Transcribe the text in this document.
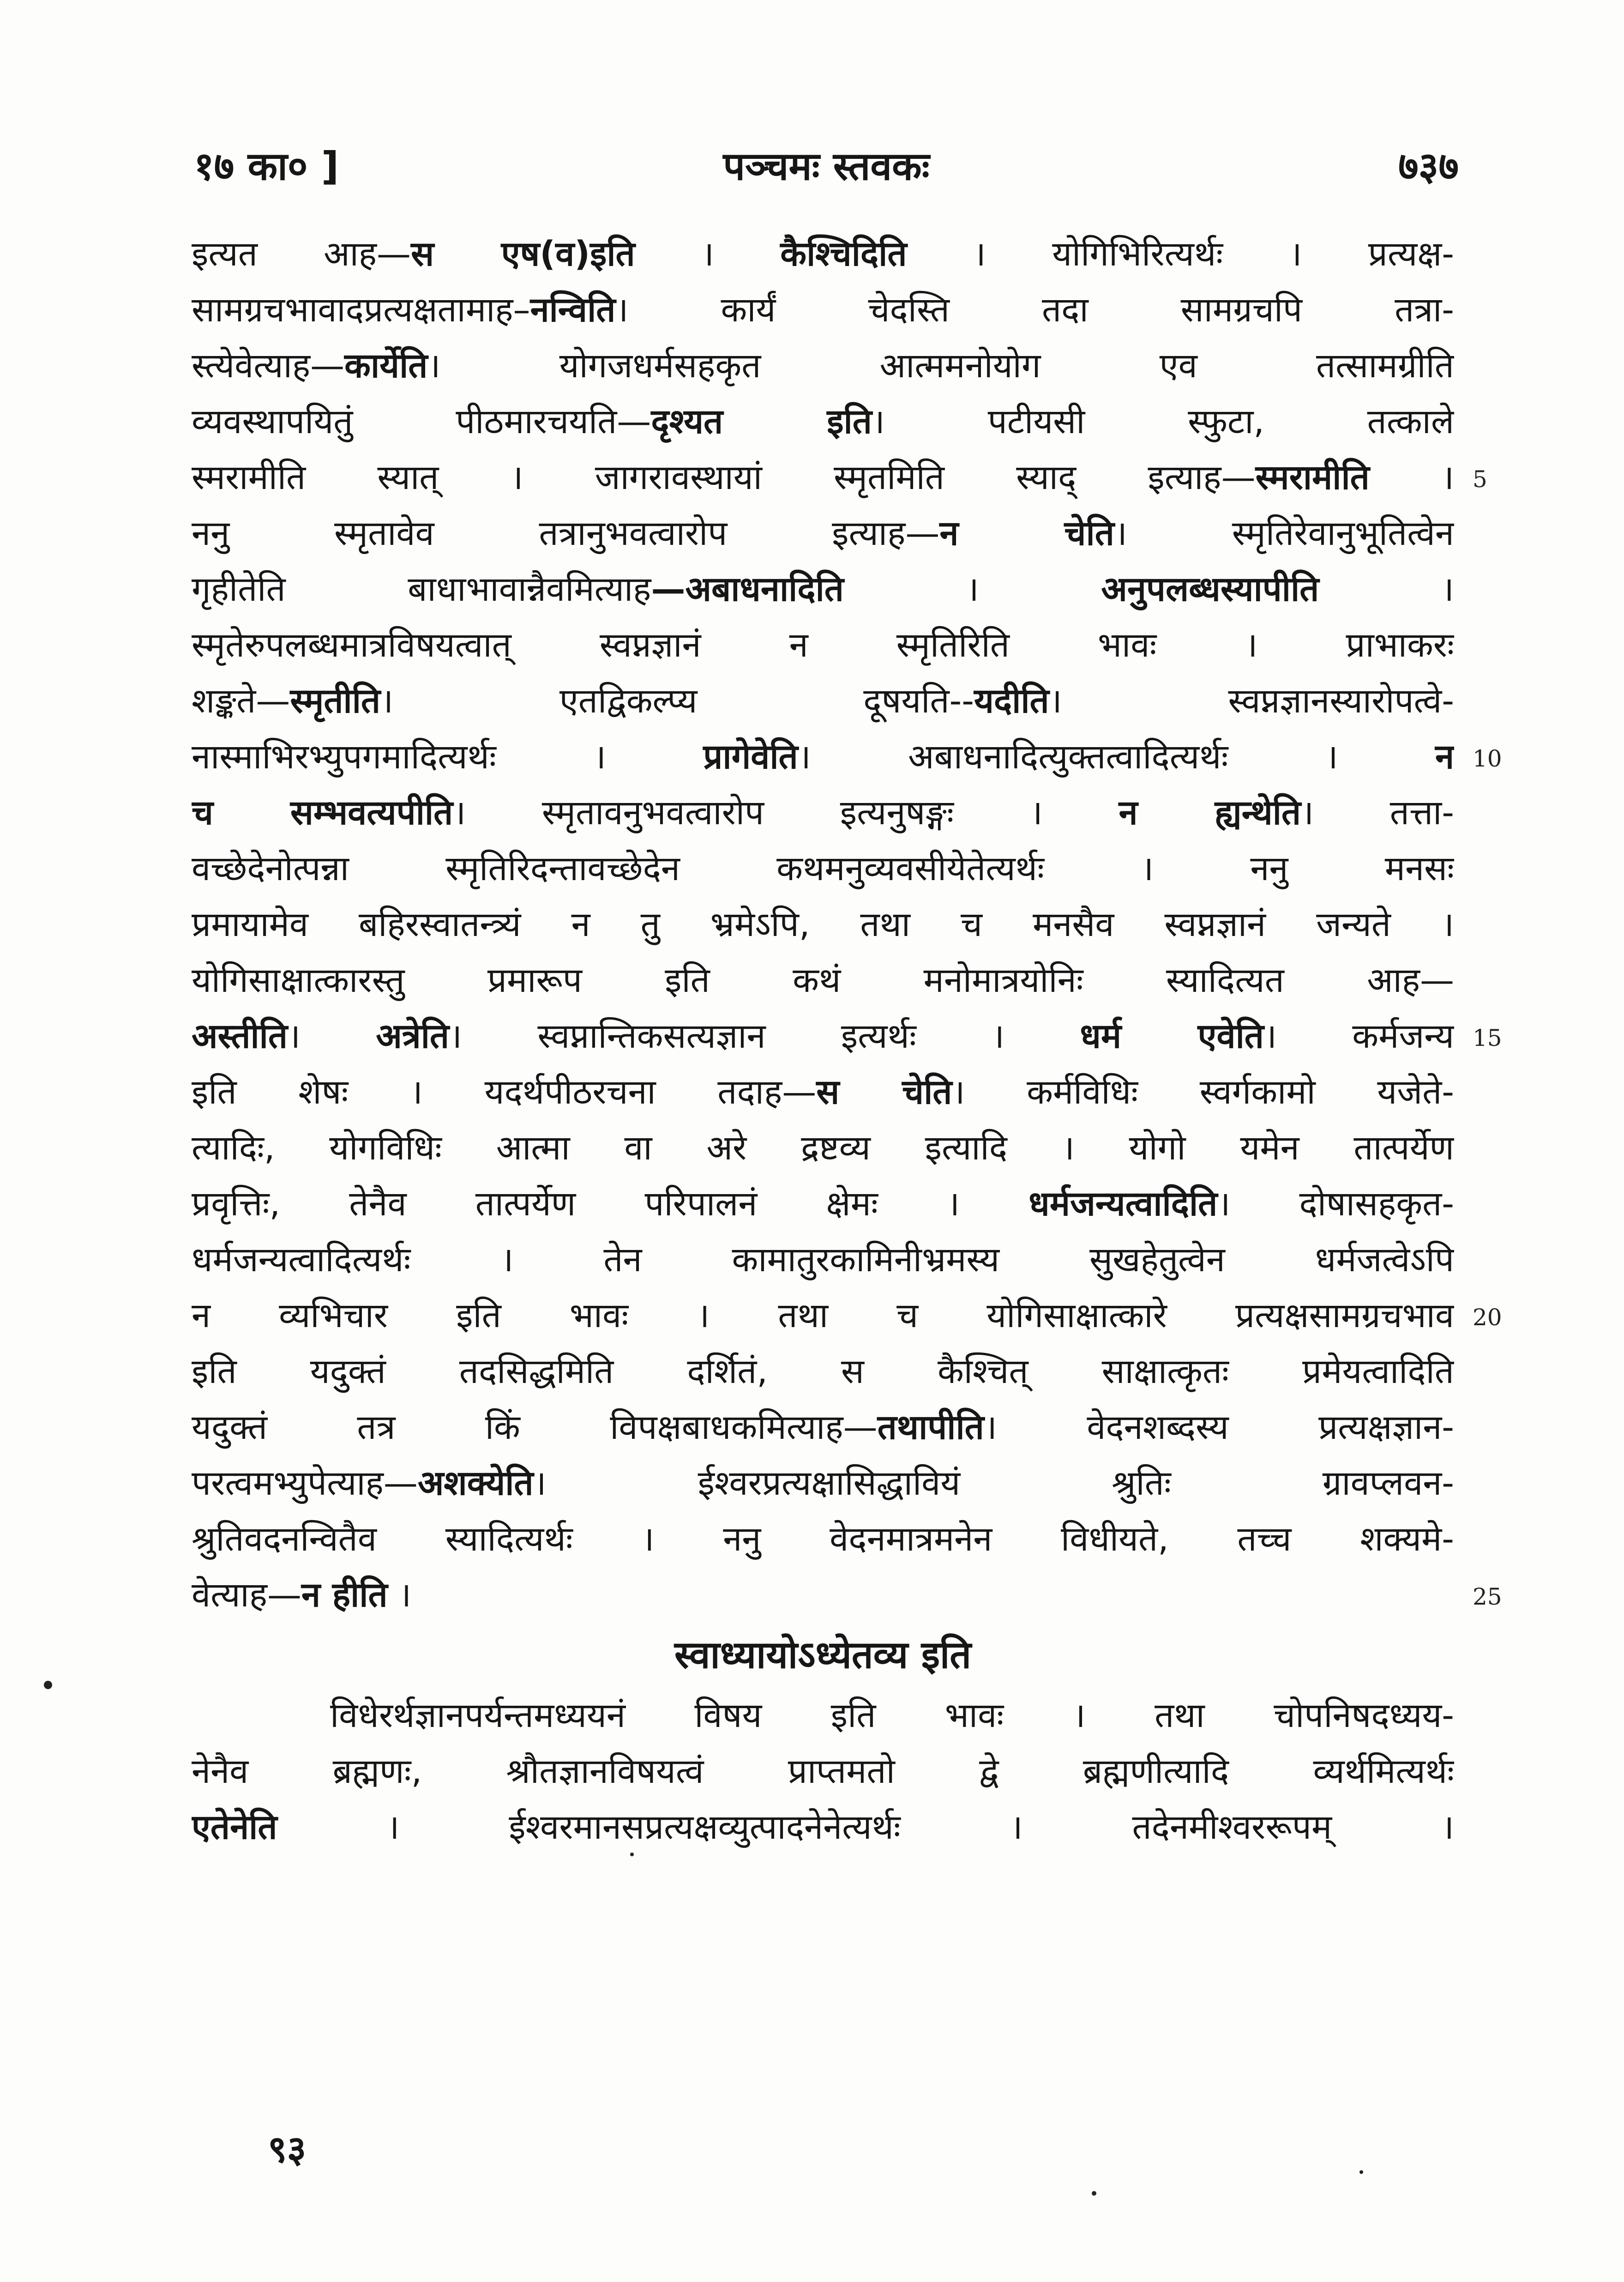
१७ का० ]	पञ्चमः स्तवकः	७३७
इत्यत आह—स एष(व)इति । कैश्चिदिति । योगिभिरित्यर्थः । प्रत्यक्ष-
सामग्रचभावादप्रत्यक्षतामाह–नन्विति। कार्यं चेदस्ति तदा सामग्रचपि तत्रा-
स्त्येवेत्याह—कार्येति। योगजधर्मसहकृत आत्ममनोयोग एव तत्सामग्रीति
व्यवस्थापयितुं पीठमारचयति—दृश्यत इति। पटीयसी स्फुटा, तत्काले
स्मरामीति स्यात् । जागरावस्थायां स्मृतमिति स्याद् इत्याह—स्मरामीति ।
ननु स्मृतावेव तत्रानुभवत्वारोप इत्याह—न चेति। स्मृतिरेवानुभूतित्वेन
गृहीतेति बाधाभावान्नैवमित्याह—अबाधनादिति । अनुपलब्धस्यापीति ।
स्मृतेरुपलब्धमात्रविषयत्वात् स्वप्नज्ञानं न स्मृतिरिति भावः । प्राभाकरः
शङ्कते—स्मृतीति। एतद्विकल्प्य दूषयति--यदीति। स्वप्नज्ञानस्यारोपत्वे-
नास्माभिरभ्युपगमादित्यर्थः । प्रागेवेति। अबाधनादित्युक्तत्वादित्यर्थः । न
च सम्भवत्यपीति। स्मृतावनुभवत्वारोप इत्यनुषङ्गः । न ह्यन्थेति। तत्ता-
वच्छेदेनोत्पन्ना स्मृतिरिदन्तावच्छेदेन कथमनुव्यवसीयेतेत्यर्थः । ननु मनसः
प्रमायामेव बहिरस्वातन्त्र्यं न तु भ्रमेऽपि, तथा च मनसैव स्वप्नज्ञानं जन्यते ।
योगिसाक्षात्कारस्तु प्रमारूप इति कथं मनोमात्रयोनिः स्यादित्यत आह—
अस्तीति। अत्रेति। स्वप्नान्तिकसत्यज्ञान इत्यर्थः । धर्म एवेति। कर्मजन्य
इति शेषः । यदर्थपीठरचना तदाह—स चेति। कर्मविधिः स्वर्गकामो यजेते-
त्यादिः, योगविधिः आत्मा वा अरे द्रष्टव्य इत्यादि । योगो यमेन तात्पर्येण
प्रवृत्तिः, तेनैव तात्पर्येण परिपालनं क्षेमः । धर्मजन्यत्वादिति। दोषासहकृत-
धर्मजन्यत्वादित्यर्थः । तेन कामातुरकामिनीभ्रमस्य सुखहेतुत्वेन धर्मजत्वेऽपि
न व्यभिचार इति भावः । तथा च योगिसाक्षात्कारे प्रत्यक्षसामग्रचभाव
इति यदुक्तं तदसिद्धमिति दर्शितं, स कैश्चित् साक्षात्कृतः प्रमेयत्वादिति
यदुक्तं तत्र किं विपक्षबाधकमित्याह—तथापीति। वेदनशब्दस्य प्रत्यक्षज्ञान-
परत्वमभ्युपेत्याह—अशक्येति। ईश्वरप्रत्यक्षासिद्धावियं श्रुतिः ग्रावप्लवन-
श्रुतिवदनन्वितैव स्यादित्यर्थः । ननु वेदनमात्रमनेन विधीयते, तच्च शक्यमे-
वेत्याह—न हीति ।
स्वाध्यायोऽध्येतव्य इति
विधेरर्थज्ञानपर्यन्तमध्ययनं विषय इति भावः । तथा चोपनिषदध्यय-
नेनैव ब्रह्मणः, श्रौतज्ञानविषयत्वं प्राप्तमतो द्वे ब्रह्मणीत्यादि व्यर्थमित्यर्थः
एतेनेति । ईश्वरमानसप्रत्यक्षव्युत्पादनेनेत्यर्थः । तदेनमीश्वररूपम् ।
5
10
15
20
25
९३
